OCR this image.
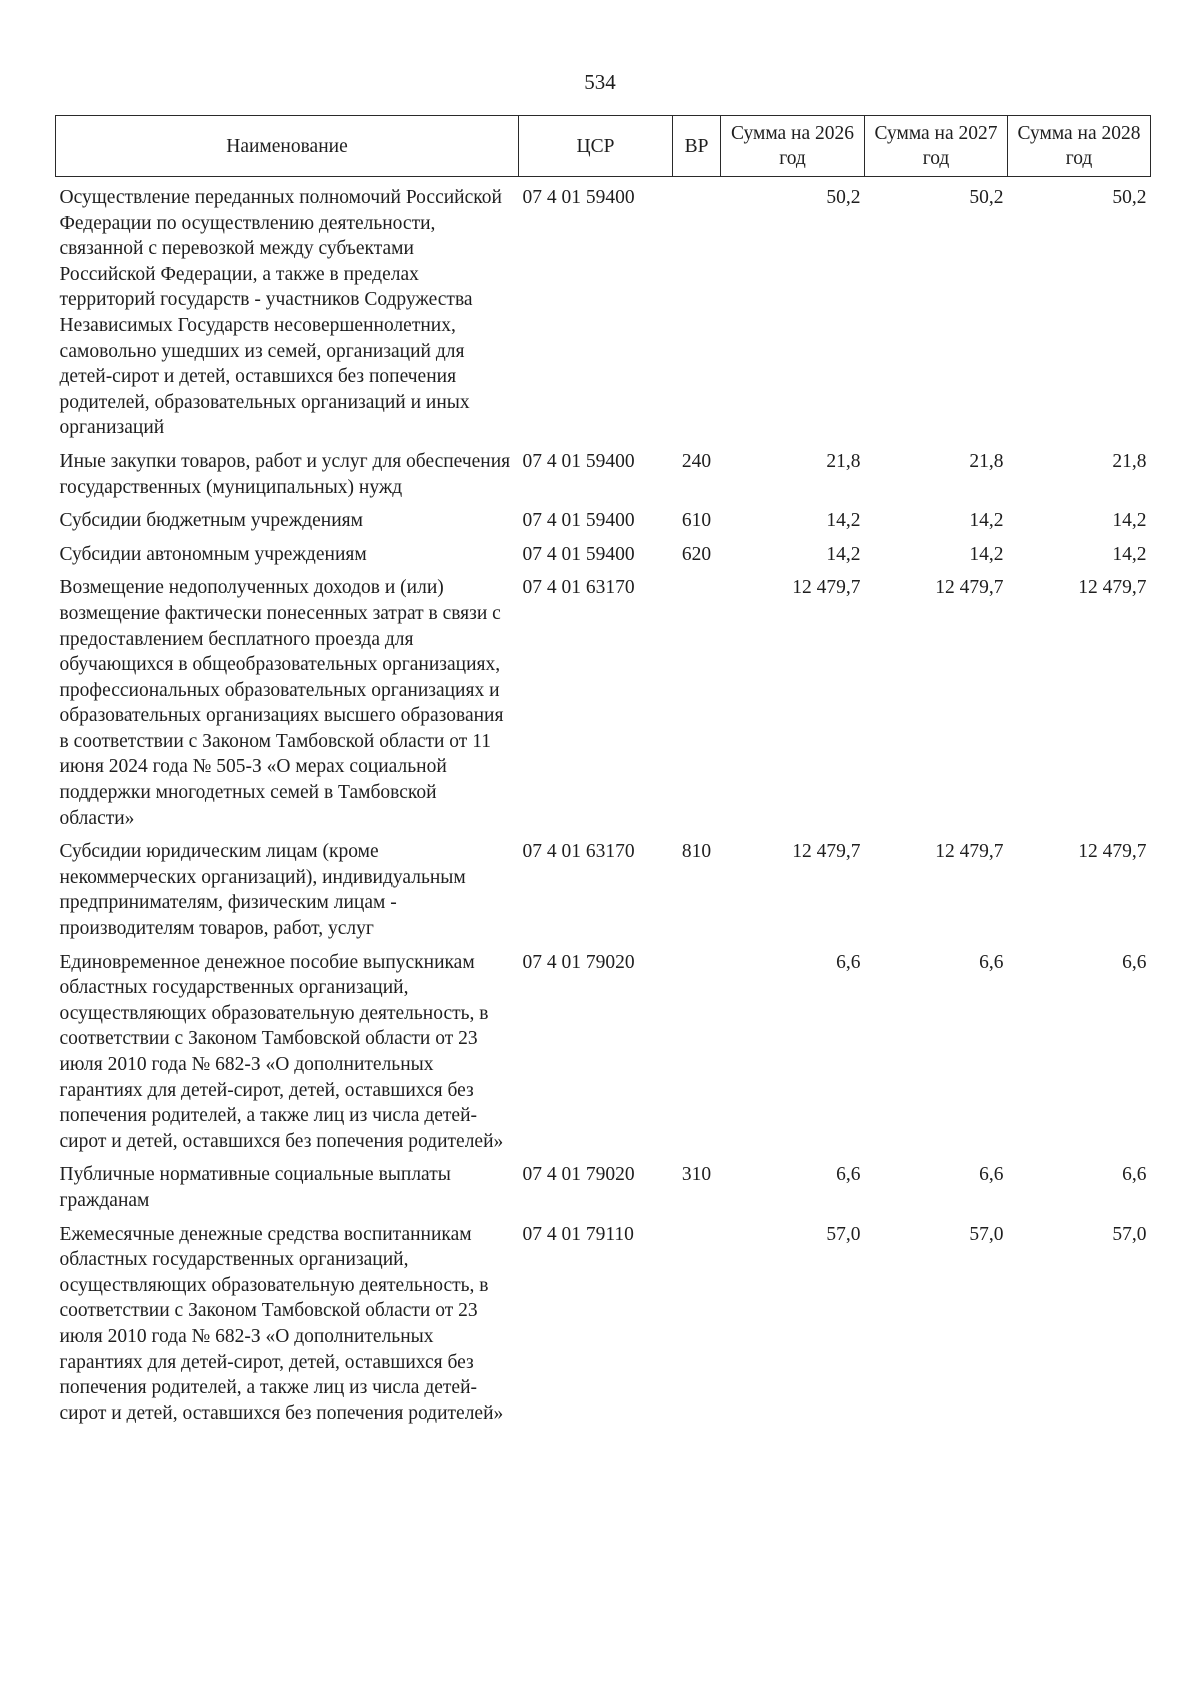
534
Наименование	ЦСР	ВР	Сумма на 2026 год	Сумма на 2027 год	Сумма на 2028 год
Осуществление переданных полномочий Российской Федерации по осуществлению деятельности, связанной с перевозкой между субъектами Российской Федерации, а также в пределах территорий государств - участников Содружества Независимых Государств несовершеннолетних, самовольно ушедших из семей, организаций для детей-сирот и детей, оставшихся без попечения родителей, образовательных организаций и иных организаций	07 4 01 59400		50,2	50,2	50,2
Иные закупки товаров, работ и услуг для обеспечения государственных (муниципальных) нужд	07 4 01 59400	240	21,8	21,8	21,8
Субсидии бюджетным учреждениям	07 4 01 59400	610	14,2	14,2	14,2
Субсидии автономным учреждениям	07 4 01 59400	620	14,2	14,2	14,2
Возмещение недополученных доходов и (или) возмещение фактически понесенных затрат в связи с предоставлением бесплатного проезда для обучающихся в общеобразовательных организациях, профессиональных образовательных организациях и образовательных организациях высшего образования в соответствии с Законом Тамбовской области от 11 июня 2024 года № 505-З «О мерах социальной поддержки многодетных семей в Тамбовской области»	07 4 01 63170		12 479,7	12 479,7	12 479,7
Субсидии юридическим лицам (кроме некоммерческих организаций), индивидуальным предпринимателям, физическим лицам - производителям товаров, работ, услуг	07 4 01 63170	810	12 479,7	12 479,7	12 479,7
Единовременное денежное пособие выпускникам областных государственных организаций, осуществляющих образовательную деятельность, в соответствии с Законом Тамбовской области от 23 июля 2010 года № 682-З «О дополнительных гарантиях для детей-сирот, детей, оставшихся без попечения родителей, а также лиц из числа детей-сирот и детей, оставшихся без попечения родителей»	07 4 01 79020		6,6	6,6	6,6
Публичные нормативные социальные выплаты гражданам	07 4 01 79020	310	6,6	6,6	6,6
Ежемесячные денежные средства воспитанникам областных государственных организаций, осуществляющих образовательную деятельность, в соответствии с Законом Тамбовской области от 23 июля 2010 года № 682-З «О дополнительных гарантиях для детей-сирот, детей, оставшихся без попечения родителей, а также лиц из числа детей-сирот и детей, оставшихся без попечения родителей»	07 4 01 79110		57,0	57,0	57,0
